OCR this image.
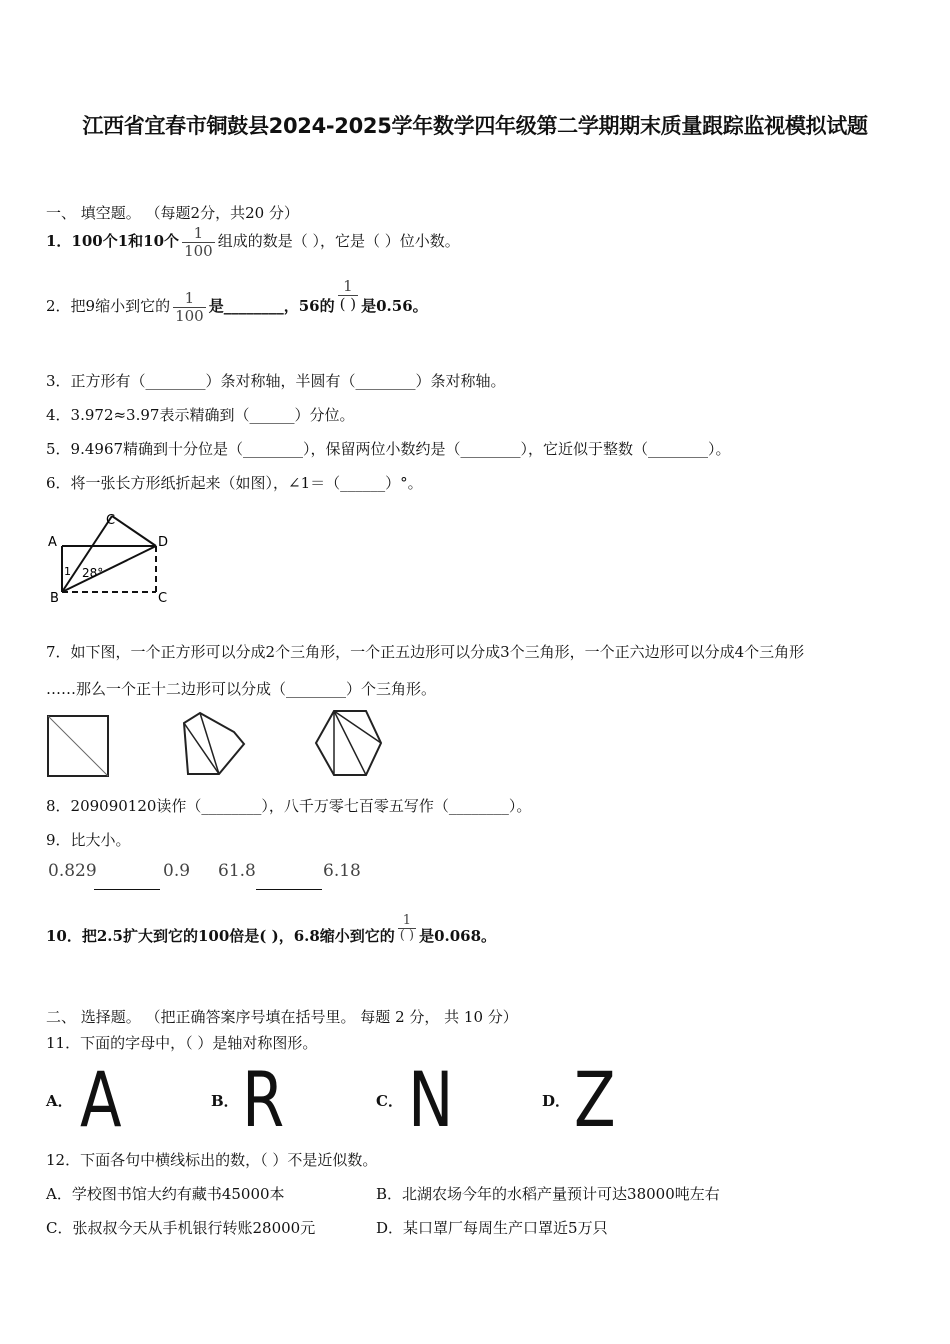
江西省宜春市铜鼓县2024-2025学年数学四年级第二学期期末质量跟踪监视模拟试题
一、 填空题。 （每题2分，共20 分）
1．100个1和10个 $\frac{1}{100}$ 组成的数是（ ），它是（ ）位小数。
2．把9缩小到它的 $\frac{1}{100}$ 是________，56的 $\frac{1}{( )}$ 是0.56。
3．正方形有（________）条对称轴，半圆有（________）条对称轴。
4．3.972≈3.97表示精确到（______）分位。
5．9.4967精确到十分位是（________），保留两位小数约是（________），它近似于整数（________）。
6．将一张长方形纸折起来（如图），∠1＝（______）°。
A
B
C
D
C
1 28°
7．如下图，一个正方形可以分成2个三角形，一个正五边形可以分成3个三角形，一个正六边形可以分成4个三角形
……那么一个正十二边形可以分成（________）个三角形。
8．209090120读作（________），八千万零七百零五写作（________）。
9．比大小。
0.829	0.9 61.8	6.18
10．把2.5扩大到它的100倍是( )，6.8缩小到它的 $\frac{1}{( )}$ 是0.068。
二、 选择题。 （把正确答案序号填在括号里。 每题 2 分， 共 10 分）
11．下面的字母中，（ ）是轴对称图形。
A． A	B． R	C． N	D． Z
12．下面各句中横线标出的数，（ ）不是近似数。
A．学校图书馆大约有藏书45000本	B．北湖农场今年的水稻产量预计可达38000吨左右
C．张叔叔今天从手机银行转账28000元	D．某口罩厂每周生产口罩近5万只
